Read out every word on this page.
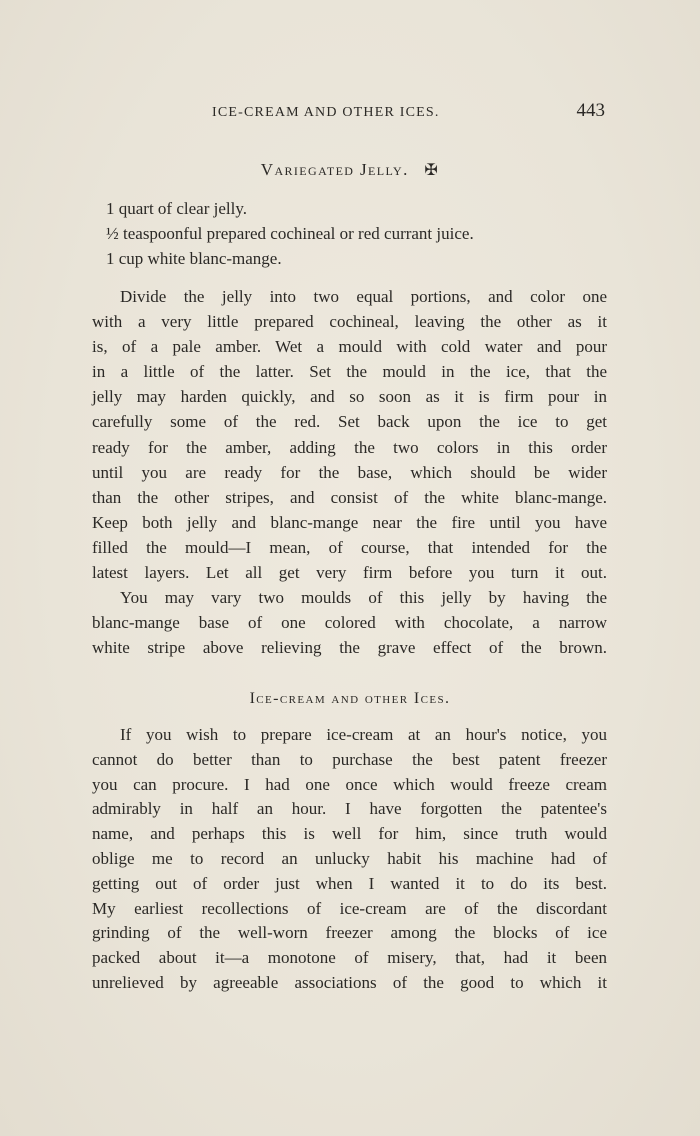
ICE-CREAM AND OTHER ICES.	443
Variegated Jelly. ✠
1 quart of clear jelly.
½ teaspoonful prepared cochineal or red currant juice.
1 cup white blanc-mange.
Divide the jelly into two equal portions, and color one
with a very little prepared cochineal, leaving the other as it
is, of a pale amber. Wet a mould with cold water and pour
in a little of the latter. Set the mould in the ice, that the
jelly may harden quickly, and so soon as it is firm pour in
carefully some of the red. Set back upon the ice to get
ready for the amber, adding the two colors in this order
until you are ready for the base, which should be wider
than the other stripes, and consist of the white blanc-mange.
Keep both jelly and blanc-mange near the fire until you have
filled the mould—I mean, of course, that intended for the
latest layers. Let all get very firm before you turn it out.
You may vary two moulds of this jelly by having the
blanc-mange base of one colored with chocolate, a narrow
white stripe above relieving the grave effect of the brown.
Ice-cream and other Ices.
If you wish to prepare ice-cream at an hour's notice, you
cannot do better than to purchase the best patent freezer
you can procure. I had one once which would freeze cream
admirably in half an hour. I have forgotten the patentee's
name, and perhaps this is well for him, since truth would
oblige me to record an unlucky habit his machine had of
getting out of order just when I wanted it to do its best.
My earliest recollections of ice-cream are of the discordant
grinding of the well-worn freezer among the blocks of ice
packed about it—a monotone of misery, that, had it been
unrelieved by agreeable associations of the good to which it
